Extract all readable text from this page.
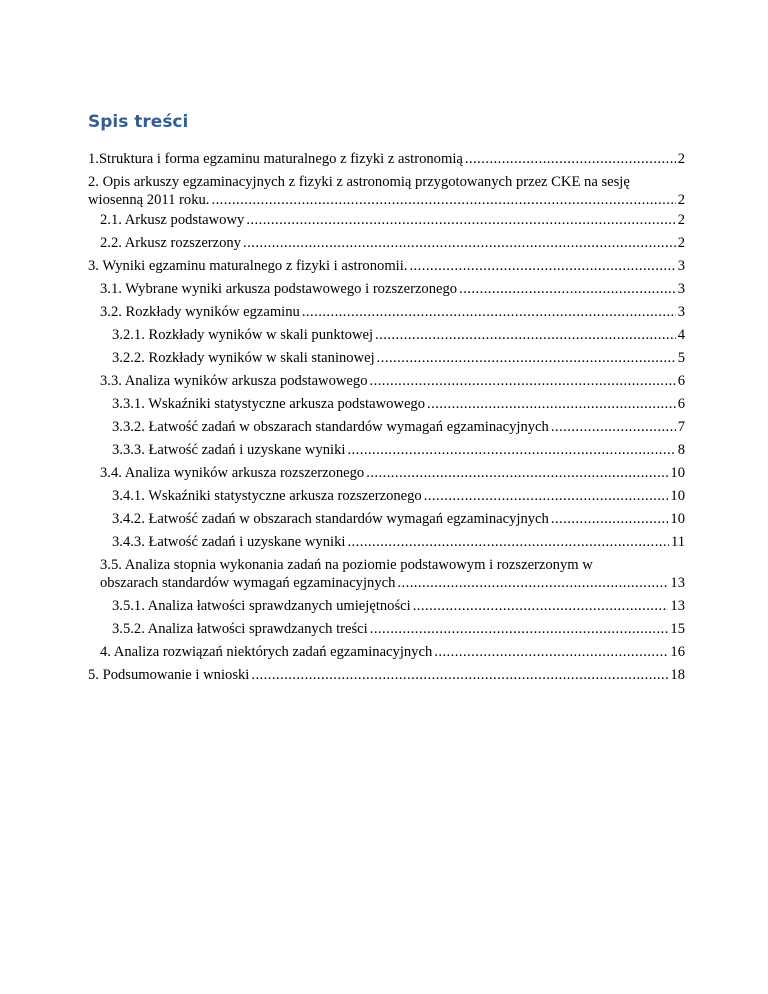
Spis treści
1.Struktura i forma egzaminu maturalnego z fizyki z astronomią . . .	2
2. Opis arkuszy egzaminacyjnych z fizyki z astronomią przygotowanych przez CKE na sesję
wiosenną 2011 roku. . . .	2
2.1. Arkusz podstawowy . . .	2
2.2. Arkusz rozszerzony . . .	2
3. Wyniki egzaminu maturalnego z fizyki i astronomii. . . .	3
3.1. Wybrane wyniki arkusza podstawowego i rozszerzonego . . .	3
3.2. Rozkłady wyników egzaminu . . .	3
3.2.1. Rozkłady wyników w skali punktowej . . .	4
3.2.2. Rozkłady wyników w skali staninowej . . .	5
3.3. Analiza wyników arkusza podstawowego . . .	6
3.3.1. Wskaźniki statystyczne arkusza podstawowego . . .	6
3.3.2. Łatwość zadań w obszarach standardów wymagań egzaminacyjnych . . .	7
3.3.3. Łatwość zadań i uzyskane wyniki . . .	8
3.4. Analiza wyników arkusza rozszerzonego . . .	10
3.4.1. Wskaźniki statystyczne arkusza rozszerzonego . . .	10
3.4.2. Łatwość zadań w obszarach standardów wymagań egzaminacyjnych . . .	10
3.4.3. Łatwość zadań i uzyskane wyniki . . .	11
3.5. Analiza stopnia wykonania zadań na poziomie podstawowym i rozszerzonym w
obszarach standardów wymagań egzaminacyjnych . . .	13
3.5.1. Analiza łatwości sprawdzanych umiejętności . . .	13
3.5.2. Analiza łatwości sprawdzanych treści . . .	15
4. Analiza rozwiązań niektórych zadań egzaminacyjnych . . .	16
5. Podsumowanie i wnioski . . .	18
